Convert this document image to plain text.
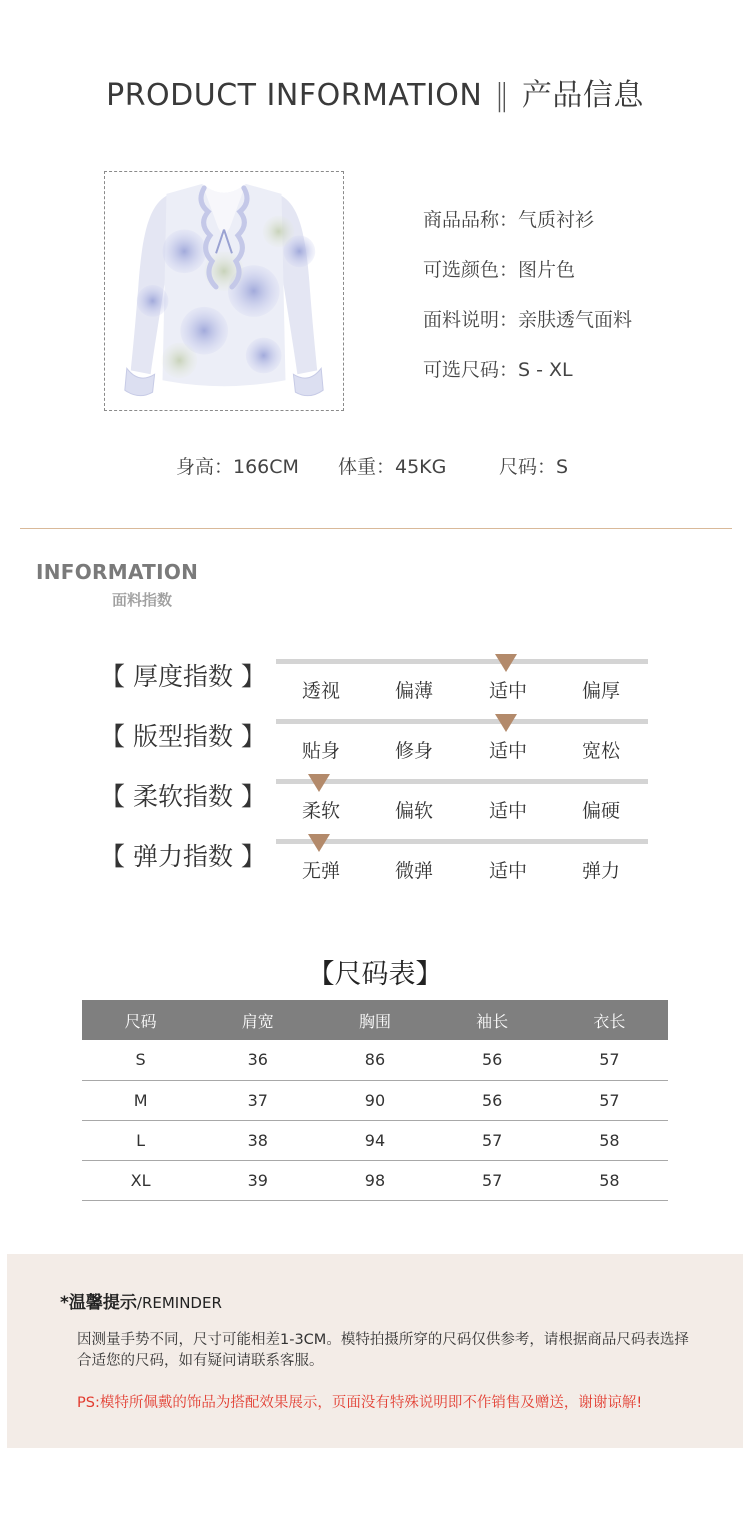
PRODUCT INFORMATION ‖ 产品信息
商品品称：气质衬衫
可选颜色：图片色
面料说明：亲肤透气面料
可选尺码：S - XL
身高：166CM 体重：45KG	尺码：S
INFORMATION
面料指数
【 厚度指数 】	透视	偏薄	适中	偏厚
【 版型指数 】	贴身	修身	适中	宽松
【 柔软指数 】	柔软	偏软	适中	偏硬
【 弹力指数 】	无弹	微弹	适中	弹力
【尺码表】
尺码	肩宽	胸围	袖长	衣长
S	36	86	56	57
M	37	90	56	57
L	38	94	57	58
XL	39	98	57	58
*温馨提示/REMINDER
因测量手势不同，尺寸可能相差1-3CM。模特拍摄所穿的尺码仅供参考，请根据商品尺码表选择合适您的尺码，如有疑问请联系客服。
PS:模特所佩戴的饰品为搭配效果展示，页面没有特殊说明即不作销售及赠送，谢谢谅解!
